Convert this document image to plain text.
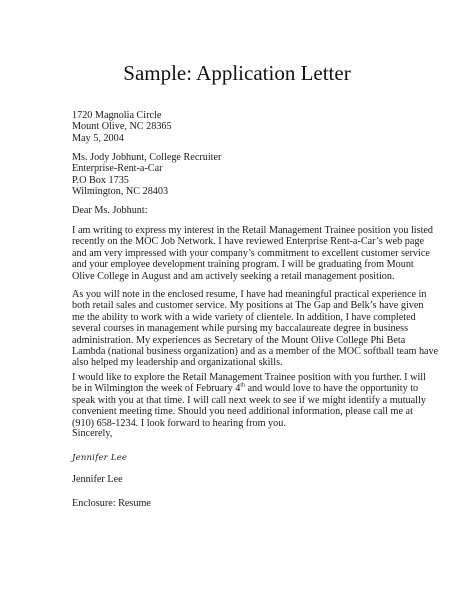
Sample: Application Letter
1720 Magnolia Circle
Mount Olive, NC 28365
May 5, 2004
Ms. Jody Jobhunt, College Recruiter
Enterprise-Rent-a-Car
P.O Box 1735
Wilmington, NC 28403
Dear Ms. Jobhunt:
I am writing to express my interest in the Retail Management Trainee position you listed
recently on the MOC Job Network. I have reviewed Enterprise Rent-a-Car’s web page
and am very impressed with your company’s commitment to excellent customer service
and your employee development training program. I will be graduating from Mount
Olive College in August and am actively seeking a retail management position.
As you will note in the enclosed resume, I have had meaningful practical experience in
both retail sales and customer service. My positions at The Gap and Belk’s have given
me the ability to work with a wide variety of clientele. In addition, I have completed
several courses in management while pursing my baccalaureate degree in business
administration. My experiences as Secretary of the Mount Olive College Phi Beta
Lambda (national business organization) and as a member of the MOC softball team have
also helped my leadership and organizational skills.
I would like to explore the Retail Management Trainee position with you further. I will
be in Wilmington the week of February 4th and would love to have the opportunity to
speak with you at that time. I will call next week to see if we might identify a mutually
convenient meeting time. Should you need additional information, please call me at
(910) 658-1234. I look forward to hearing from you.
Sincerely,
Jennifer Lee
Jennifer Lee
Enclosure: Resume
